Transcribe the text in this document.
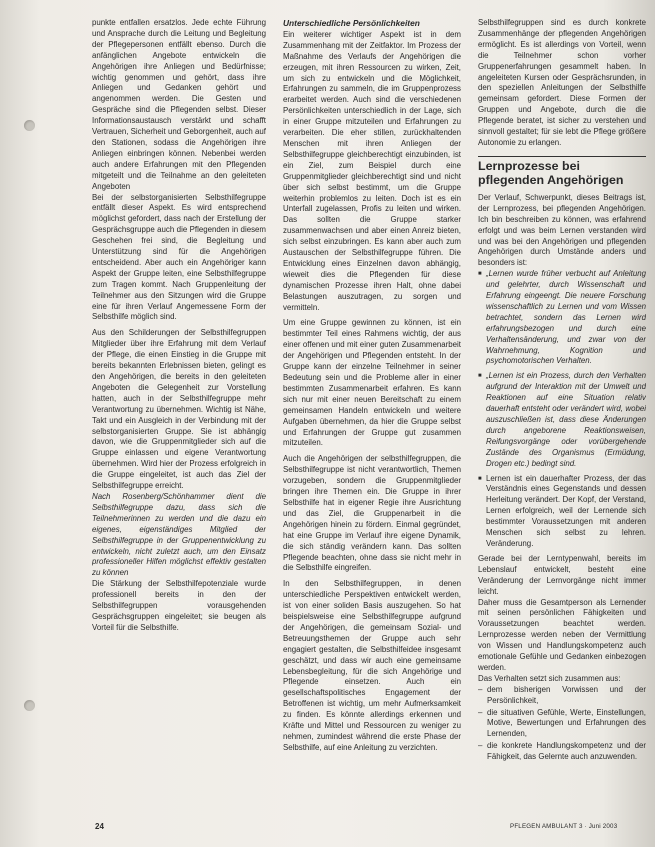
punkte entfallen ersatzlos. Jede echte Führung und Ansprache durch die Leitung und Begleitung der Pflegepersonen entfällt ebenso. Durch die anfänglichen Angebote entwickeln die Angehörigen ihre Anliegen und Bedürfnisse; wichtig genommen und gehört, dass ihre Anliegen und Gedanken gehört und angenommen werden. Die Gesten und Gespräche sind die Pflegenden selbst. Dieser Informationsaustausch verstärkt und schafft Vertrauen, Sicherheit und Geborgenheit, auch auf den Stationen, sodass die Angehörigen ihre Anliegen einbringen können. Nebenbei werden auch andere Erfahrungen mit den Pflegenden mitgeteilt und die Teilnahme an den geleiteten Angeboten

Bei der selbstorganisierten Selbsthilfegruppe entfällt dieser Aspekt. Es wird entsprechend möglichst gefordert, dass nach der Erstellung der Gesprächsgruppe auch die Pflegenden in diesem Geschehen frei sind, die Begleitung und Unterstützung sind für die Angehörigen entscheidend. Aber auch ein Angehöriger kann Aspekt der Gruppe leiten, eine Selbsthilfegruppe zum Tragen kommt. Nach Gruppenleitung der Teilnehmer aus den Sitzungen wird die Gruppe eine für ihren Verlauf Angemessene Form der Selbsthilfe möglich sind.

Aus den Schilderungen der Selbsthilfegruppen Mitglieder über ihre Erfahrung mit dem Verlauf der Pflege, die einen Einstieg in die Gruppe mit bereits bekannten Erlebnissen bieten, gelingt es den Angehörigen, die bereits in den geleiteten Angeboten die Gelegenheit zur Vorstellung hatten, auch in der Selbsthilfegruppe mehr Verantwortung zu übernehmen. Wichtig ist Nähe, Takt und ein Ausgleich in der Verbindung mit der selbstorganisierten Gruppe. Sie ist abhängig davon, wie die Gruppenmitglieder sich auf die Gruppe einlassen und eigene Verantwortung übernehmen. Wird hier der Prozess erfolgreich in die Gruppe eingeleitet, ist auch das Ziel der Selbsthilfegruppe erreicht.

Nach Rosenberg/Schönhammer dient die Selbsthilfegruppe dazu, dass sich die Teilnehmerinnen zu werden und die dazu ein eigenes, eigenständiges Mitglied der Selbsthilfegruppe in der Gruppenentwicklung zu entwickeln, nicht zuletzt auch, um den Einsatz professioneller Hilfen möglichst effektiv gestalten zu können

Die Stärkung der Selbsthilfepotenziale wurde professionell bereits in den der Selbsthilfegruppen vorausgehenden Gesprächsgruppen eingeleitet; sie beugen als Vorteil für die Selbsthilfe.

Unterschiedliche Persönlichkeiten

Ein weiterer wichtiger Aspekt ist in dem Zusammenhang mit der Zeitfaktor. Im Prozess der Maßnahme des Verlaufs der Angehörigen die erzeugen, mit ihren Ressourcen zu wirken, Zeit, um sich zu entwickeln und die Möglichkeit, Erfahrungen zu sammeln, die im Gruppenprozess erarbeitet werden. Auch sind die verschiedenen Persönlichkeiten unterschiedlich in der Lage, sich in einer Gruppe mitzuteilen und Erfahrungen zu verarbeiten. Die eher stillen, zurückhaltenden Menschen mit ihren Anliegen der Selbsthilfegruppe gleichberechtigt einzubinden, ist ein Ziel, zum Beispiel durch eine Gruppenmitglieder gleichberechtigt sind und nicht über sich selbst bestimmt, um die Gruppe weiterhin problemlos zu leiten. Doch ist es ein Unterfall zugelassen, Profis zu leiten und wirken. Das sollten die Gruppe starker zusammenwachsen und aber einen Anreiz bieten, sich selbst einzubringen. Es kann aber auch zum Austauschen der Selbsthilfegruppe führen. Die Entwicklung eines Einzelnen davon abhängig, wieweit dies die Pflegenden für diese dynamischen Prozesse ihren Halt, ohne dabei Belastungen auszutragen, zu sorgen und vermitteln.

Um eine Gruppe gewinnen zu können, ist ein bestimmter Teil eines Rahmens wichtig, der aus einer offenen und mit einer guten Zusammenarbeit der Angehörigen und Pflegenden entsteht. In der Gruppe kann der einzelne Teilnehmer in seiner Bedeutung sein und die Probleme aller in einer bestimmten Zusammenarbeit erfahren. Es kann sich nur mit einer neuen Bereitschaft zu einem gemeinsamen Handeln entwickeln und weitere Aufgaben übernehmen, da hier die Gruppe selbst und Erfahrungen der Gruppe gut zusammen mitzuteilen.

Auch die Angehörigen der selbsthilfegruppen, die Selbsthilfegruppe ist nicht verantwortlich, Themen vorzugeben, sondern die Gruppenmitglieder bringen ihre Themen ein. Die Gruppe in ihrer Selbsthilfe hat in eigener Regie ihre Ausrichtung und das Ziel, die Gruppenarbeit in die Angehörigen hinein zu fördern. Einmal gegründet, hat eine Gruppe im Verlauf ihre eigene Dynamik, die sich ständig verändern kann. Das sollten Pflegende beachten, ohne dass sie nicht mehr in die Selbsthilfe eingreifen.

In den Selbsthilfegruppen, in denen unterschiedliche Perspektiven entwickelt werden, ist von einer soliden Basis auszugehen. So hat beispielsweise eine Selbsthilfegruppe aufgrund der Angehörigen, die gemeinsam Sozial- und Betreuungsthemen der Gruppe auch sehr engagiert gestalten, die Selbsthilfeidee insgesamt geschätzt, und dass wir auch eine gemeinsame Lebensbegleitung, für die sich Angehörige und Pflegende einsetzen. Auch ein gesellschaftspolitisches Engagement der Betroffenen ist wichtig, um mehr Aufmerksamkeit zu finden. Es könnte allerdings erkennen und Kräfte und Mittel und Ressourcen zu weniger zu nehmen, zumindest während die erste Phase der Selbsthilfe, auf eine Anleitung zu verzichten.

Selbsthilfegruppen sind es durch konkrete Zusammenhänge der pflegenden Angehörigen ermöglicht. Es ist allerdings von Vorteil, wenn die Teilnehmer schon vorher Gruppenerfahrungen gesammelt haben. In angeleiteten Kursen oder Gesprächsrunden, in den speziellen Anleitungen der Selbsthilfe gemeinsam gefordert. Diese Formen der Gruppen und Angebote, durch die die Pflegende beratet, ist sicher zu verstehen und sinnvoll gestaltet; für sie lebt die Pflege größere Autonomie zu erlangen.

Lernprozesse bei pflegenden Angehörigen

Der Verlauf, Schwerpunkt, dieses Beitrags ist, der Lernprozess, bei pflegenden Angehörigen. Ich bin beschreiben zu können, was erfahrend erfolgt und was beim Lernen verstanden wird und was bei den Angehörigen und pflegenden Angehörigen durch Umstände anders und besonders ist:

■ „Lernen wurde früher verbucht auf Anleitung und gelehrter, durch Wissenschaft und Erfahrung eingeengt. Die neuere Forschung wissenschaftlich zu Lernen und vom Wissen betrachtet, sondern das Lernen wird erfahrungsbezogen und durch eine Verhaltensänderung, und zwar von der Wahrnehmung, Kognition und psychomotorischen Verhalten.
■ „Lernen ist ein Prozess, durch den Verhalten aufgrund der Interaktion mit der Umwelt und Reaktionen auf eine Situation relativ dauerhaft entsteht oder verändert wird, wobei auszuschließen ist, dass diese Änderungen durch angeborene Reaktionsweisen, Reifungsvorgänge oder vorübergehende Zustände des Organismus (Ermüdung, Drogen etc.) bedingt sind.
■ Lernen ist ein dauerhafter Prozess, der das Verständnis eines Gegenstands und dessen Herleitung verändert. Der Kopf, der Verstand, Lernen erfolgreich, weil der Lernende sich bestimmter Voraussetzungen mit anderen Menschen sich selbst zu lehren. Veränderung.

Gerade bei der Lerntypenwahl, bereits im Lebenslauf entwickelt, besteht eine Veränderung der Lernvorgänge nicht immer leicht.

Daher muss die Gesamtperson als Lernender mit seinen persönlichen Fähigkeiten und Voraussetzungen beachtet werden. Lernprozesse werden neben der Vermittlung von Wissen und Handlungskompetenz auch emotionale Gefühle und Gedanken einbezogen werden.

Das Verhalten setzt sich zusammen aus:

– dem bisherigen Vorwissen und der Persönlichkeit,
– die situativen Gefühle, Werte, Einstellungen, Motive, Bewertungen und Erfahrungen des Lernenden,
– die konkrete Handlungskompetenz und der Fähigkeit, das Gelernte auch anzuwenden.
24	PFLEGEN AMBULANT 3 · Juni 2003
